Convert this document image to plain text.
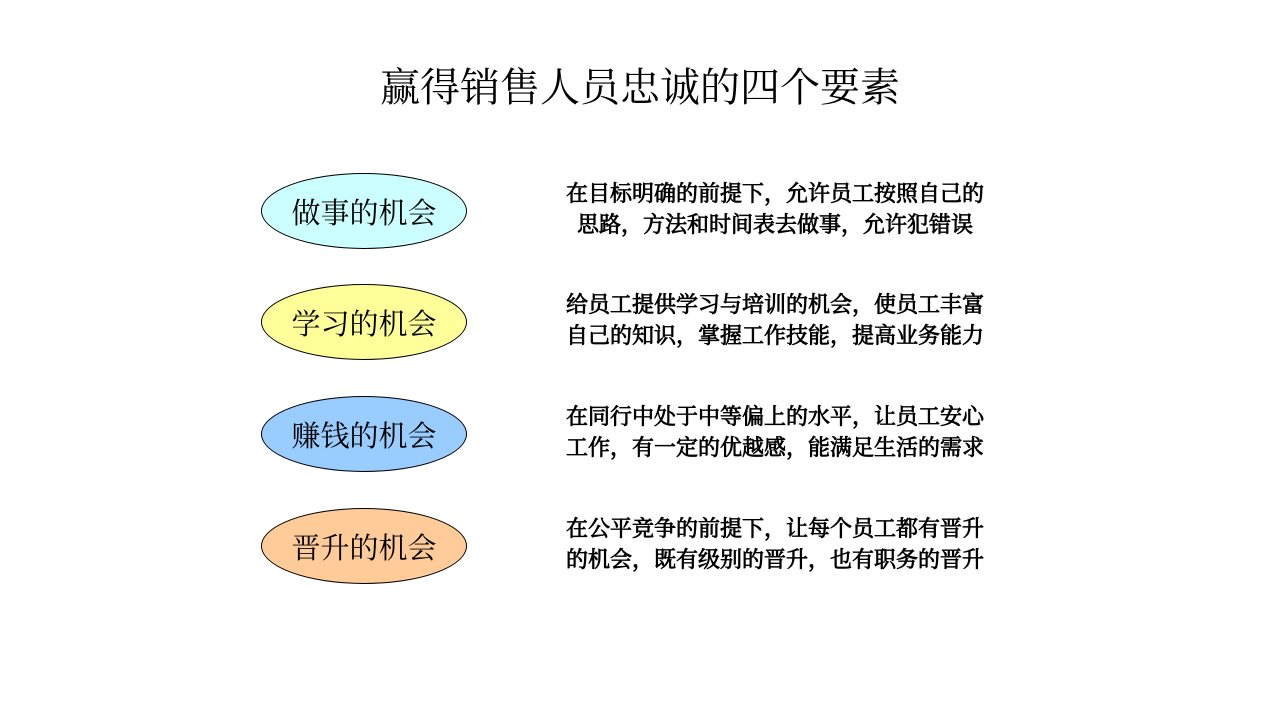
赢得销售人员忠诚的四个要素
做事的机会
在目标明确的前提下，允许员工按照自己的
思路，方法和时间表去做事，允许犯错误
学习的机会
给员工提供学习与培训的机会，使员工丰富
自己的知识，掌握工作技能，提高业务能力
赚钱的机会
在同行中处于中等偏上的水平，让员工安心
工作，有一定的优越感，能满足生活的需求
晋升的机会
在公平竞争的前提下，让每个员工都有晋升
的机会，既有级别的晋升，也有职务的晋升
